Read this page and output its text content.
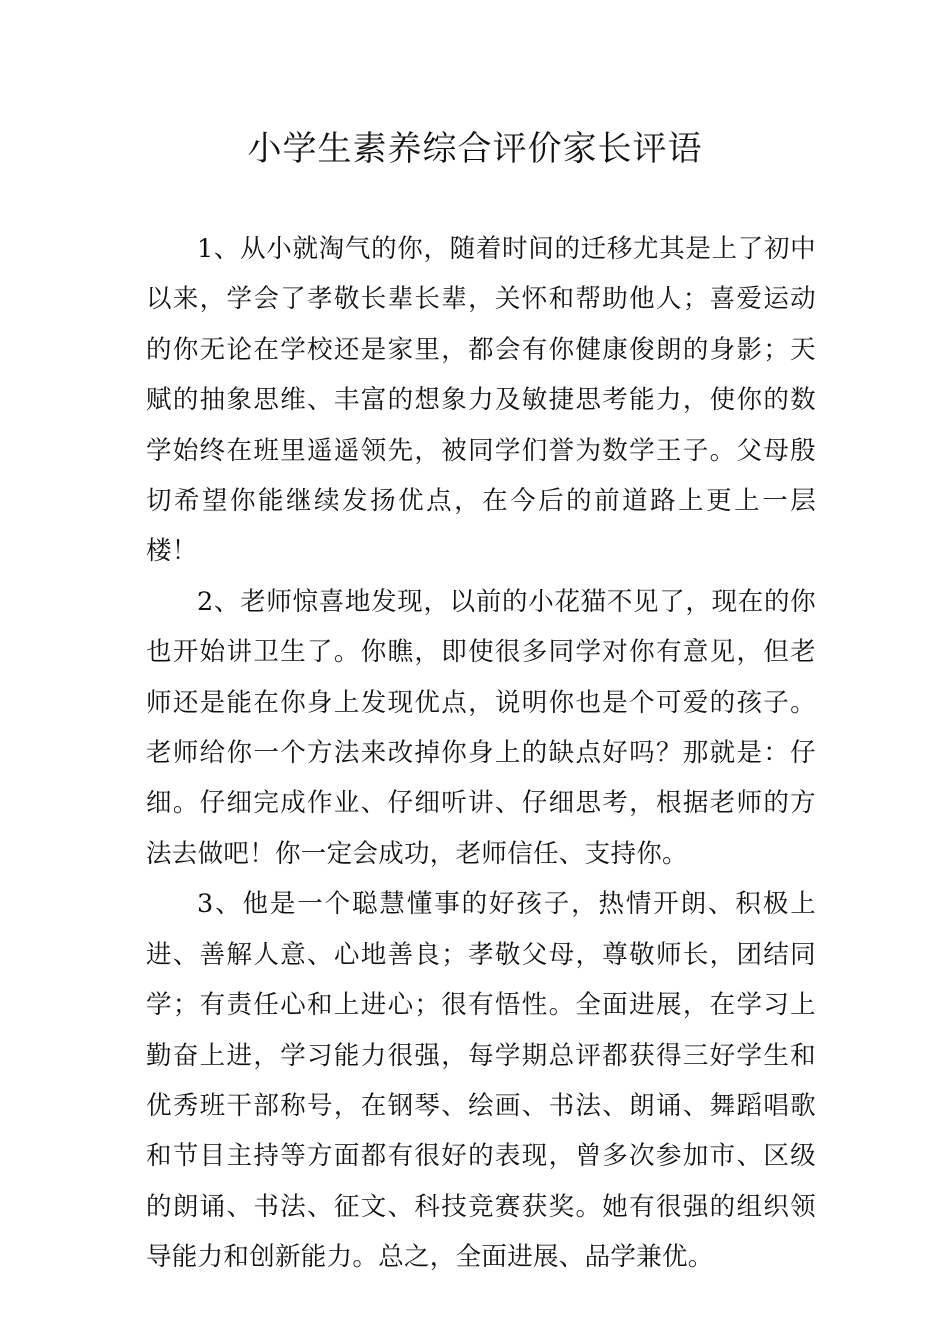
小学生素养综合评价家长评语

1、从小就淘气的你，随着时间的迁移尤其是上了初中以来，学会了孝敬长辈长辈，关怀和帮助他人；喜爱运动的你无论在学校还是家里，都会有你健康俊朗的身影；天赋的抽象思维、丰富的想象力及敏捷思考能力，使你的数学始终在班里遥遥领先，被同学们誉为数学王子。父母殷切希望你能继续发扬优点，在今后的前道路上更上一层楼！

2、老师惊喜地发现，以前的小花猫不见了，现在的你也开始讲卫生了。你瞧，即使很多同学对你有意见，但老师还是能在你身上发现优点，说明你也是个可爱的孩子。老师给你一个方法来改掉你身上的缺点好吗？那就是：仔细。仔细完成作业、仔细听讲、仔细思考，根据老师的方法去做吧！你一定会成功，老师信任、支持你。

3、他是一个聪慧懂事的好孩子，热情开朗、积极上进、善解人意、心地善良；孝敬父母，尊敬师长，团结同学；有责任心和上进心；很有悟性。全面进展，在学习上勤奋上进，学习能力很强，每学期总评都获得三好学生和优秀班干部称号，在钢琴、绘画、书法、朗诵、舞蹈唱歌和节目主持等方面都有很好的表现，曾多次参加市、区级的朗诵、书法、征文、科技竞赛获奖。她有很强的组织领导能力和创新能力。总之，全面进展、品学兼优。
